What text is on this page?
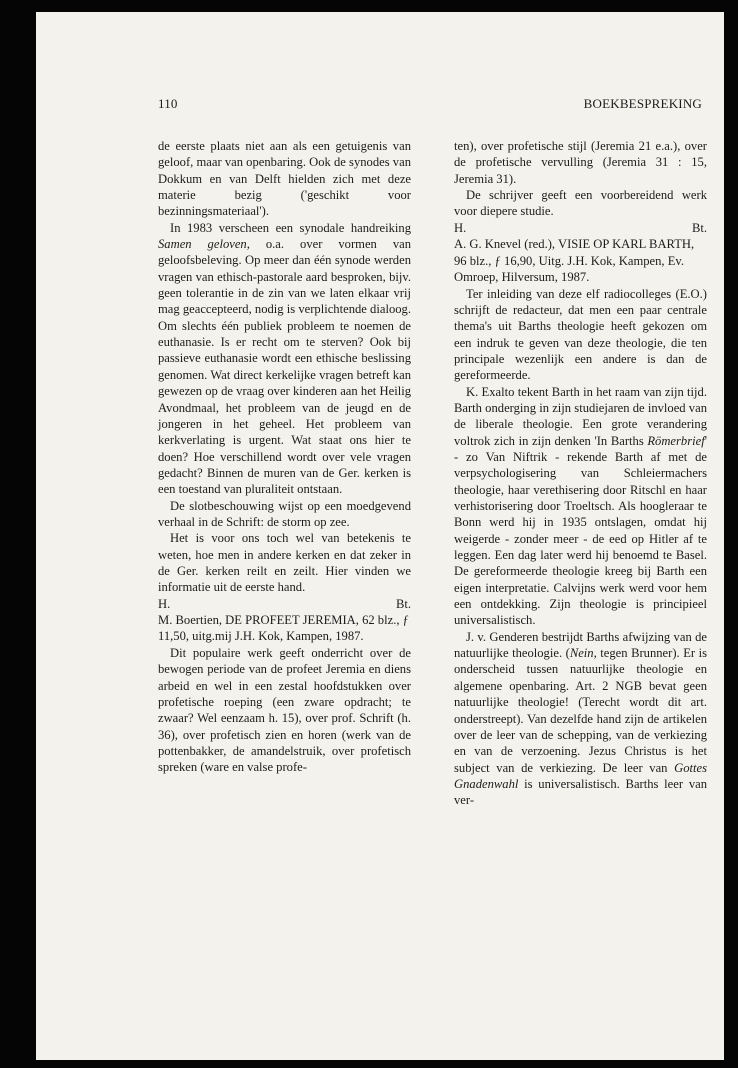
110	BOEKBESPREKING

de eerste plaats niet aan als een getuigenis van geloof, maar van openbaring. Ook de synodes van Dokkum en van Delft hielden zich met deze materie bezig ('geschikt voor bezinningsmateriaal').

In 1983 verscheen een synodale handreiking Samen geloven, o.a. over vormen van geloofsbeleving. Op meer dan één synode werden vragen van ethisch-pastorale aard besproken, bijv. geen tolerantie in de zin van we laten elkaar vrij mag geaccepteerd, nodig is verplichtende dialoog. Om slechts één publiek probleem te noemen de euthanasie. Is er recht om te sterven? Ook bij passieve euthanasie wordt een ethische beslissing genomen. Wat direct kerkelijke vragen betreft kan gewezen op de vraag over kinderen aan het Heilig Avondmaal, het probleem van de jeugd en de jongeren in het geheel. Het probleem van kerkverlating is urgent. Wat staat ons hier te doen? Hoe verschillend wordt over vele vragen gedacht? Binnen de muren van de Ger. kerken is een toestand van pluraliteit ontstaan.

De slotbeschouwing wijst op een moedgevend verhaal in de Schrift: de storm op zee.

Het is voor ons toch wel van betekenis te weten, hoe men in andere kerken en dat zeker in de Ger. kerken reilt en zeilt. Hier vinden we informatie uit de eerste hand.

H.	Bt.

M. Boertien, DE PROFEET JEREMIA, 62 blz., ƒ 11,50, uitg.mij J.H. Kok, Kampen, 1987.

Dit populaire werk geeft onderricht over de bewogen periode van de profeet Jeremia en diens arbeid en wel in een zestal hoofdstukken over profetische roeping (een zware opdracht; te zwaar? Wel eenzaam h. 15), over prof. Schrift (h. 36), over profetisch zien en horen (werk van de pottenbakker, de amandelstruik, over profetisch spreken (ware en valse profe-

ten), over profetische stijl (Jeremia 21 e.a.), over de profetische vervulling (Jeremia 31 : 15, Jeremia 31).

De schrijver geeft een voorbereidend werk voor diepere studie.

H.	Bt.

A. G. Knevel (red.), VISIE OP KARL BARTH, 96 blz., ƒ 16,90, Uitg. J.H. Kok, Kampen, Ev. Omroep, Hilversum, 1987.

Ter inleiding van deze elf radiocolleges (E.O.) schrijft de redacteur, dat men een paar centrale thema's uit Barths theologie heeft gekozen om een indruk te geven van deze theologie, die ten principale wezenlijk een andere is dan de gereformeerde.

K. Exalto tekent Barth in het raam van zijn tijd. Barth onderging in zijn studiejaren de invloed van de liberale theologie. Een grote verandering voltrok zich in zijn denken 'In Barths Römerbrief' - zo Van Niftrik - rekende Barth af met de verpsychologisering van Schleiermachers theologie, haar verethisering door Ritschl en haar verhistorisering door Troeltsch. Als hoogleraar te Bonn werd hij in 1935 ontslagen, omdat hij weigerde - zonder meer - de eed op Hitler af te leggen. Een dag later werd hij benoemd te Basel. De gereformeerde theologie kreeg bij Barth een eigen interpretatie. Calvijns werk werd voor hem een ontdekking. Zijn theologie is principieel universalistisch.

J. v. Genderen bestrijdt Barths afwijzing van de natuurlijke theologie. (Nein, tegen Brunner). Er is onderscheid tussen natuurlijke theologie en algemene openbaring. Art. 2 NGB bevat geen natuurlijke theologie! (Terecht wordt dit art. onderstreept). Van dezelfde hand zijn de artikelen over de leer van de schepping, van de verkiezing en van de verzoening. Jezus Christus is het subject van de verkiezing. De leer van Gottes Gnadenwahl is universalistisch. Barths leer van ver-
